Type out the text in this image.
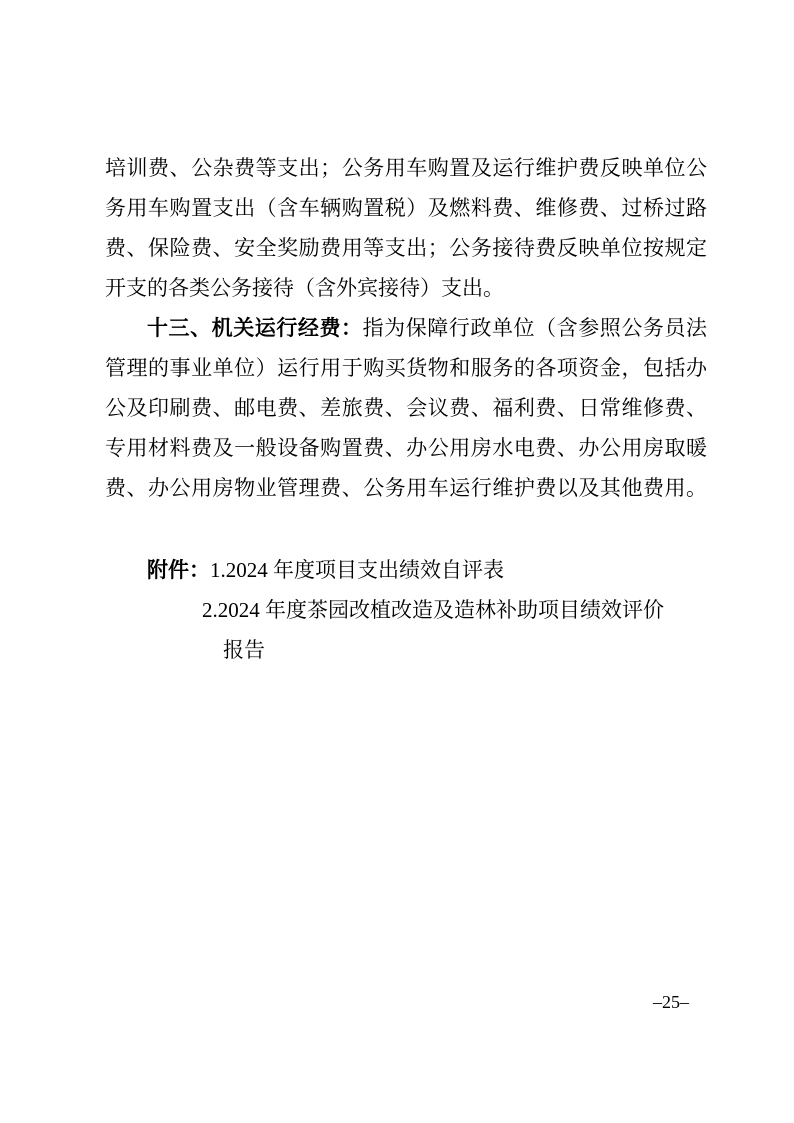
培训费、公杂费等支出；公务用车购置及运行维护费反映单位公
务用车购置支出（含车辆购置税）及燃料费、维修费、过桥过路
费、保险费、安全奖励费用等支出；公务接待费反映单位按规定
开支的各类公务接待（含外宾接待）支出。
十三、机关运行经费：指为保障行政单位（含参照公务员法
管理的事业单位）运行用于购买货物和服务的各项资金，包括办
公及印刷费、邮电费、差旅费、会议费、福利费、日常维修费、
专用材料费及一般设备购置费、办公用房水电费、办公用房取暖
费、办公用房物业管理费、公务用车运行维护费以及其他费用。
附件：1.2024 年度项目支出绩效自评表
2.2024 年度茶园改植改造及造林补助项目绩效评价
报告
–25–
